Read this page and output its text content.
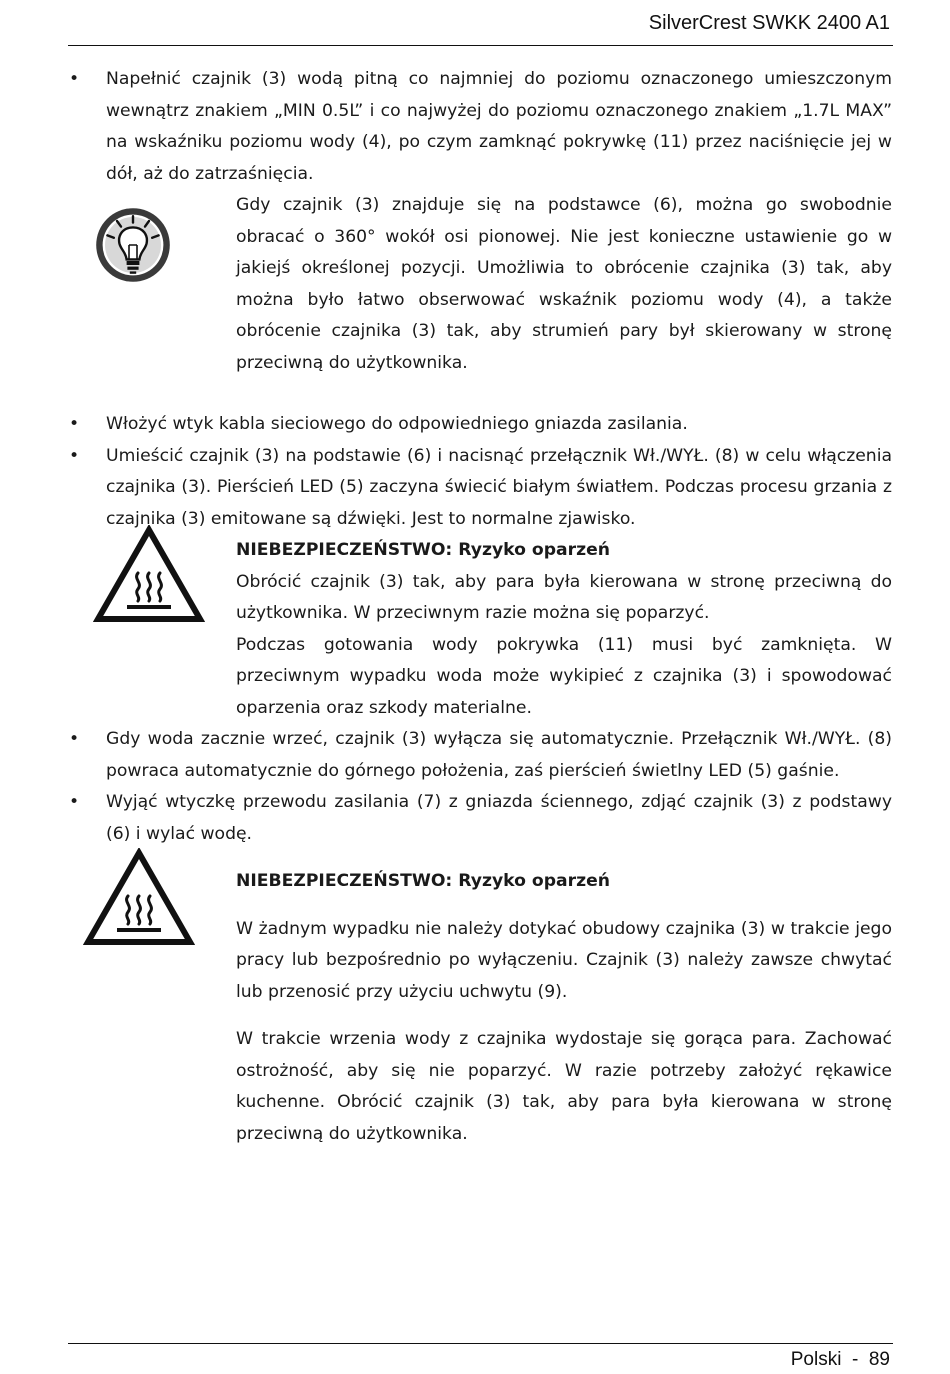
SilverCrest SWKK 2400 A1

• Napełnić czajnik (3) wodą pitną co najmniej do poziomu oznaczonego umieszczonym wewnątrz znakiem „MIN 0.5L” i co najwyżej do poziomu oznaczonego znakiem „1.7L MAX” na wskaźniku poziomu wody (4), po czym zamknąć pokrywkę (11) przez naciśnięcie jej w dół, aż do zatrzaśnięcia.

Gdy czajnik (3) znajduje się na podstawce (6), można go swobodnie obracać o 360° wokół osi pionowej. Nie jest konieczne ustawienie go w jakiejś określonej pozycji. Umożliwia to obrócenie czajnika (3) tak, aby można było łatwo obserwować wskaźnik poziomu wody (4), a także obrócenie czajnika (3) tak, aby strumień pary był skierowany w stronę przeciwną do użytkownika.

• Włożyć wtyk kabla sieciowego do odpowiedniego gniazda zasilania.

• Umieścić czajnik (3) na podstawie (6) i nacisnąć przełącznik Wł./WYŁ. (8) w celu włączenia czajnika (3). Pierścień LED (5) zaczyna świecić białym światłem. Podczas procesu grzania z czajnika (3) emitowane są dźwięki. Jest to normalne zjawisko.

NIEBEZPIECZEŃSTWO: Ryzyko oparzeń

Obrócić czajnik (3) tak, aby para była kierowana w stronę przeciwną do użytkownika. W przeciwnym razie można się poparzyć.

Podczas gotowania wody pokrywka (11) musi być zamknięta. W przeciwnym wypadku woda może wykipieć z czajnika (3) i spowodować oparzenia oraz szkody materialne.

• Gdy woda zacznie wrzeć, czajnik (3) wyłącza się automatycznie. Przełącznik Wł./WYŁ. (8) powraca automatycznie do górnego położenia, zaś pierścień świetlny LED (5) gaśnie.

• Wyjąć wtyczkę przewodu zasilania (7) z gniazda ściennego, zdjąć czajnik (3) z podstawy (6) i wylać wodę.

NIEBEZPIECZEŃSTWO: Ryzyko oparzeń

W żadnym wypadku nie należy dotykać obudowy czajnika (3) w trakcie jego pracy lub bezpośrednio po wyłączeniu. Czajnik (3) należy zawsze chwytać lub przenosić przy użyciu uchwytu (9).

W trakcie wrzenia wody z czajnika wydostaje się gorąca para. Zachować ostrożność, aby się nie poparzyć. W razie potrzeby założyć rękawice kuchenne. Obrócić czajnik (3) tak, aby para była kierowana w stronę przeciwną do użytkownika.

Polski  -  89
